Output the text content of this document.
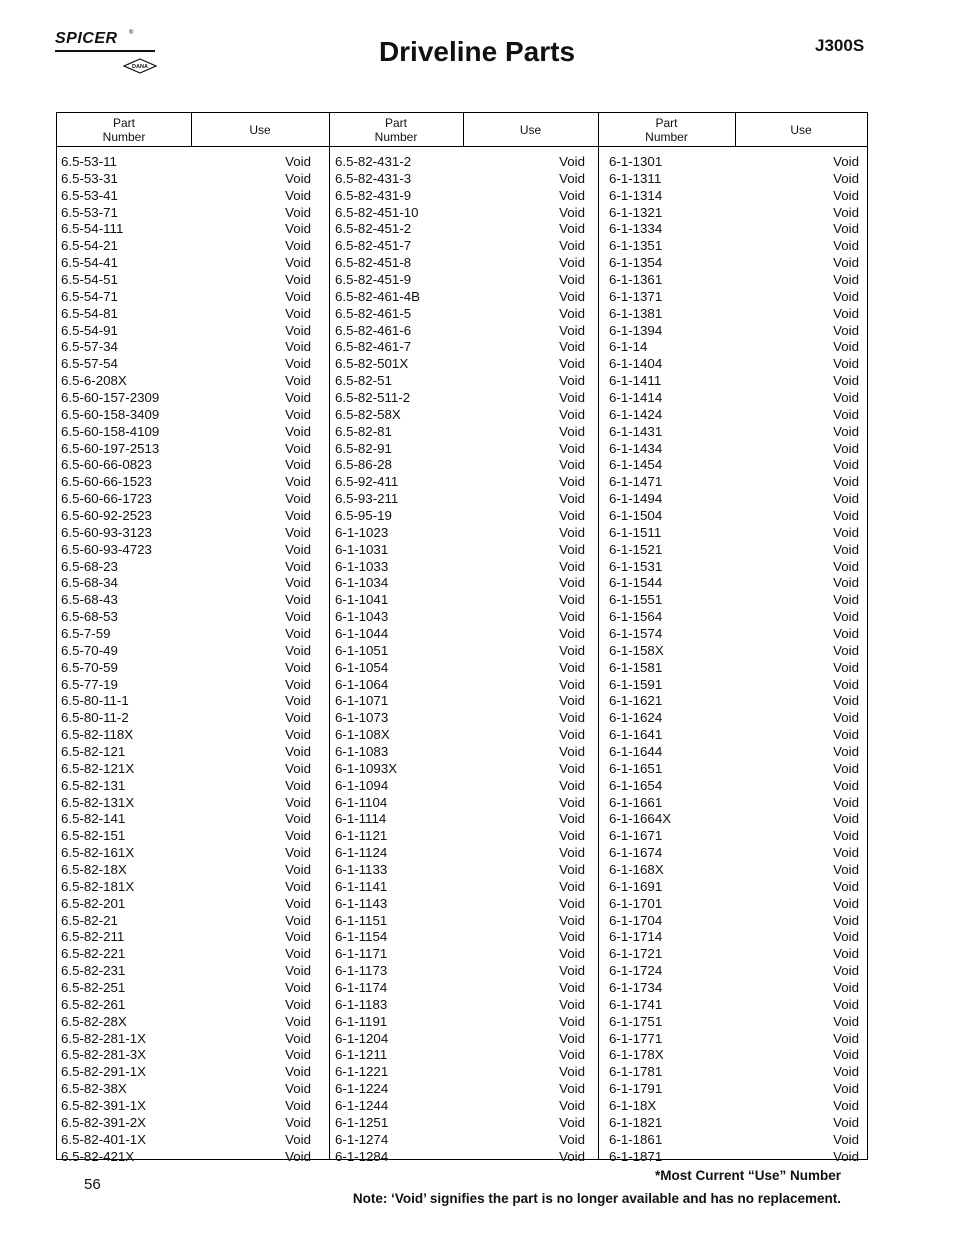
SPICER ®
DANA	Driveline Parts	J300S
Part
Number	Use	Part
Number	Use	Part
Number	Use
6.5-53-11	Void
6.5-53-31	Void
6.5-53-41	Void
6.5-53-71	Void
6.5-54-111	Void
6.5-54-21	Void
6.5-54-41	Void
6.5-54-51	Void
6.5-54-71	Void
6.5-54-81	Void
6.5-54-91	Void
6.5-57-34	Void
6.5-57-54	Void
6.5-6-208X	Void
6.5-60-157-2309	Void
6.5-60-158-3409	Void
6.5-60-158-4109	Void
6.5-60-197-2513	Void
6.5-60-66-0823	Void
6.5-60-66-1523	Void
6.5-60-66-1723	Void
6.5-60-92-2523	Void
6.5-60-93-3123	Void
6.5-60-93-4723	Void
6.5-68-23	Void
6.5-68-34	Void
6.5-68-43	Void
6.5-68-53	Void
6.5-7-59	Void
6.5-70-49	Void
6.5-70-59	Void
6.5-77-19	Void
6.5-80-11-1	Void
6.5-80-11-2	Void
6.5-82-118X	Void
6.5-82-121	Void
6.5-82-121X	Void
6.5-82-131	Void
6.5-82-131X	Void
6.5-82-141	Void
6.5-82-151	Void
6.5-82-161X	Void
6.5-82-18X	Void
6.5-82-181X	Void
6.5-82-201	Void
6.5-82-21	Void
6.5-82-211	Void
6.5-82-221	Void
6.5-82-231	Void
6.5-82-251	Void
6.5-82-261	Void
6.5-82-28X	Void
6.5-82-281-1X	Void
6.5-82-281-3X	Void
6.5-82-291-1X	Void
6.5-82-38X	Void
6.5-82-391-1X	Void
6.5-82-391-2X	Void
6.5-82-401-1X	Void
6.5-82-421X	Void
6.5-82-431-2	Void
6.5-82-431-3	Void
6.5-82-431-9	Void
6.5-82-451-10	Void
6.5-82-451-2	Void
6.5-82-451-7	Void
6.5-82-451-8	Void
6.5-82-451-9	Void
6.5-82-461-4B	Void
6.5-82-461-5	Void
6.5-82-461-6	Void
6.5-82-461-7	Void
6.5-82-501X	Void
6.5-82-51	Void
6.5-82-511-2	Void
6.5-82-58X	Void
6.5-82-81	Void
6.5-82-91	Void
6.5-86-28	Void
6.5-92-411	Void
6.5-93-211	Void
6.5-95-19	Void
6-1-1023	Void
6-1-1031	Void
6-1-1033	Void
6-1-1034	Void
6-1-1041	Void
6-1-1043	Void
6-1-1044	Void
6-1-1051	Void
6-1-1054	Void
6-1-1064	Void
6-1-1071	Void
6-1-1073	Void
6-1-108X	Void
6-1-1083	Void
6-1-1093X	Void
6-1-1094	Void
6-1-1104	Void
6-1-1114	Void
6-1-1121	Void
6-1-1124	Void
6-1-1133	Void
6-1-1141	Void
6-1-1143	Void
6-1-1151	Void
6-1-1154	Void
6-1-1171	Void
6-1-1173	Void
6-1-1174	Void
6-1-1183	Void
6-1-1191	Void
6-1-1204	Void
6-1-1211	Void
6-1-1221	Void
6-1-1224	Void
6-1-1244	Void
6-1-1251	Void
6-1-1274	Void
6-1-1284	Void
6-1-1301	Void
6-1-1311	Void
6-1-1314	Void
6-1-1321	Void
6-1-1334	Void
6-1-1351	Void
6-1-1354	Void
6-1-1361	Void
6-1-1371	Void
6-1-1381	Void
6-1-1394	Void
6-1-14	Void
6-1-1404	Void
6-1-1411	Void
6-1-1414	Void
6-1-1424	Void
6-1-1431	Void
6-1-1434	Void
6-1-1454	Void
6-1-1471	Void
6-1-1494	Void
6-1-1504	Void
6-1-1511	Void
6-1-1521	Void
6-1-1531	Void
6-1-1544	Void
6-1-1551	Void
6-1-1564	Void
6-1-1574	Void
6-1-158X	Void
6-1-1581	Void
6-1-1591	Void
6-1-1621	Void
6-1-1624	Void
6-1-1641	Void
6-1-1644	Void
6-1-1651	Void
6-1-1654	Void
6-1-1661	Void
6-1-1664X	Void
6-1-1671	Void
6-1-1674	Void
6-1-168X	Void
6-1-1691	Void
6-1-1701	Void
6-1-1704	Void
6-1-1714	Void
6-1-1721	Void
6-1-1724	Void
6-1-1734	Void
6-1-1741	Void
6-1-1751	Void
6-1-1771	Void
6-1-178X	Void
6-1-1781	Void
6-1-1791	Void
6-1-18X	Void
6-1-1821	Void
6-1-1861	Void
6-1-1871	Void
56
*Most Current “Use” Number
Note: ‘Void’ signifies the part is no longer available and has no replacement.
